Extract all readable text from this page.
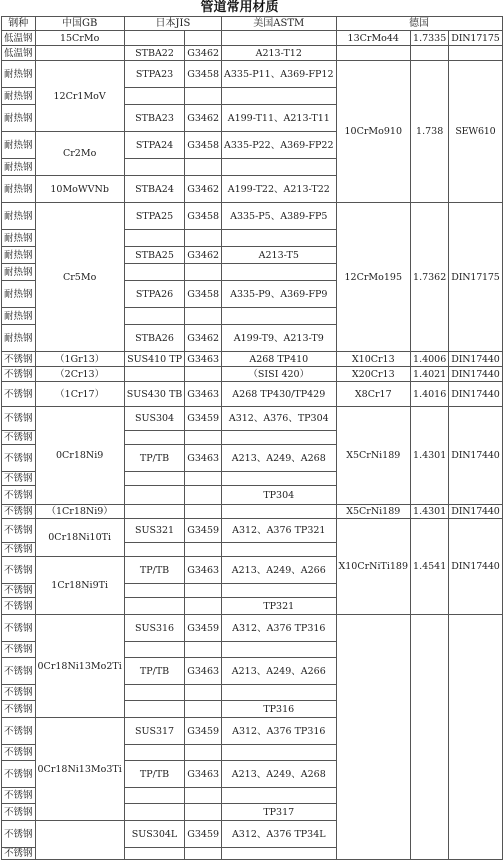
管道常用材质
钢种	中国GB	日本JIS		美国ASTM	德国		
低温钢	15CrMo				13CrMo44	1.7335	DIN17175
低温钢		STBA22	G3462	A213-T12			
耐热钢	12Cr1MoV	STPA23	G3458	A335-P11、A369-FP12	10CrMo910	1.738	SEW610
耐热钢							
耐热钢		STBA23	G3462	A199-T11、A213-T11			
耐热钢	Cr2Mo	STPA24	G3458	A335-P22、A369-FP22			
耐热钢							
耐热钢	10MoWVNb	STBA24	G3462	A199-T22、A213-T22			
耐热钢	Cr5Mo	STPA25	G3458	A335-P5、A389-FP5	12CrMo195	1.7362	DIN17175
耐热钢							
耐热钢		STBA25	G3462	A213-T5			
耐热钢							
耐热钢		STPA26	G3458	A335-P9、A369-FP9			
耐热钢							
耐热钢		STBA26	G3462	A199-T9、A213-T9			
不锈钢	（1Gr13）	SUS410 TP	G3463	A268 TP410	X10Cr13	1.4006	DIN17440
不锈钢	（2Cr13）			（SISI 420）	X20Cr13	1.4021	DIN17440
不锈钢	（1Cr17）	SUS430 TB	G3463	A268 TP430/TP429	X8Cr17	1.4016	DIN17440
不锈钢	0Cr18Ni9	SUS304	G3459	A312、A376、TP304	X5CrNi189	1.4301	DIN17440
不锈钢							
不锈钢		TP/TB	G3463	A213、A249、A268			
不锈钢							
不锈钢				TP304			
不锈钢	（1Cr18Ni9）				X5CrNi189	1.4301	DIN17440
不锈钢	0Cr18Ni10Ti	SUS321	G3459	A312、A376 TP321	X10CrNiTi189	1.4541	DIN17440
不锈钢							
不锈钢	1Cr18Ni9Ti	TP/TB	G3463	A213、A249、A266			
不锈钢							
不锈钢				TP321			
不锈钢	0Cr18Ni13Mo2Ti	SUS316	G3459	A312、A376 TP316			
不锈钢							
不锈钢		TP/TB	G3463	A213、A249、A266			
不锈钢							
不锈钢				TP316			
不锈钢	0Cr18Ni13Mo3Ti	SUS317	G3459	A312、A376 TP316			
不锈钢							
不锈钢		TP/TB	G3463	A213、A249、A268			
不锈钢							
不锈钢				TP317			
不锈钢		SUS304L	G3459	A312、A376 TP34L			
不锈钢							
